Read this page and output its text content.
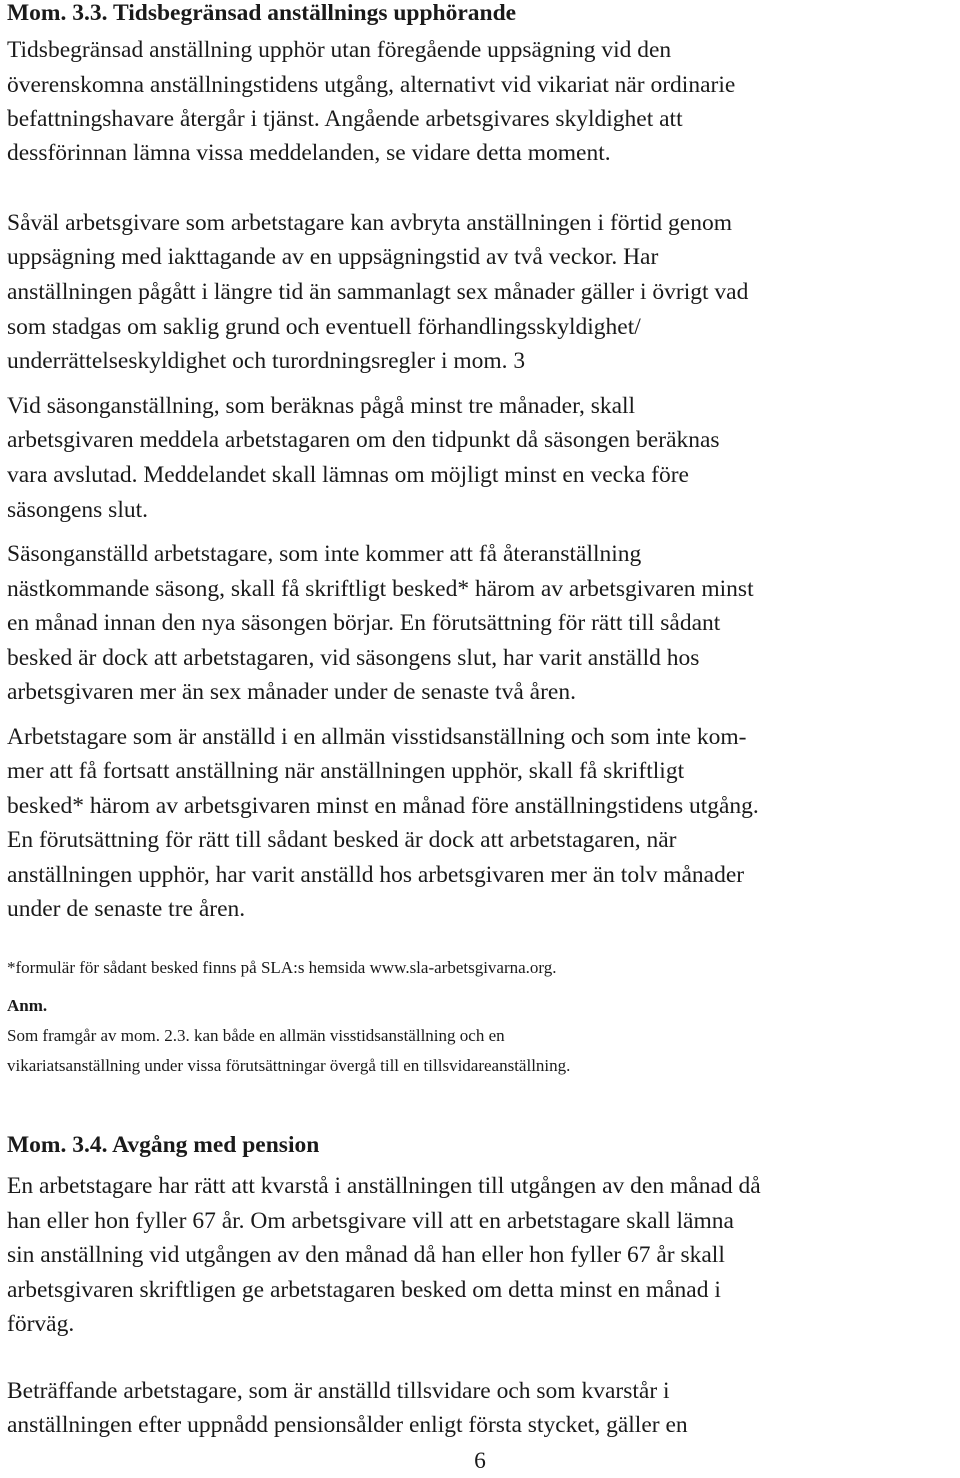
Mom. 3.3. Tidsbegränsad anställnings upphörande

Tidsbegränsad anställning upphör utan föregående uppsägning vid den

överenskomna anställningstidens utgång, alternativt vid vikariat när ordinarie

befattningshavare återgår i tjänst. Angående arbetsgivares skyldighet att

dessförinnan lämna vissa meddelanden, se vidare detta moment.

Såväl arbetsgivare som arbetstagare kan avbryta anställningen i förtid genom

uppsägning med iakttagande av en uppsägningstid av två veckor. Har

anställningen pågått i längre tid än sammanlagt sex månader gäller i övrigt vad

som stadgas om saklig grund och eventuell förhandlingsskyldighet/

underrättelseskyldighet och turordningsregler i mom. 3

Vid säsonganställning, som beräknas pågå minst tre månader, skall

arbetsgivaren meddela arbetstagaren om den tidpunkt då säsongen beräknas

vara avslutad. Meddelandet skall lämnas om möjligt minst en vecka före

säsongens slut.

Säsonganställd arbetstagare, som inte kommer att få återanställning

nästkommande säsong, skall få skriftligt besked* härom av arbetsgivaren minst

en månad innan den nya säsongen börjar. En förutsättning för rätt till sådant

besked är dock att arbetstagaren, vid säsongens slut, har varit anställd hos

arbetsgivaren mer än sex månader under de senaste två åren.

Arbetstagare som är anställd i en allmän visstidsanställning och som inte kom-

mer att få fortsatt anställning när anställningen upphör, skall få skriftligt

besked* härom av arbetsgivaren minst en månad före anställningstidens utgång.

En förutsättning för rätt till sådant besked är dock att arbetstagaren, när

anställningen upphör, har varit anställd hos arbetsgivaren mer än tolv månader

under de senaste tre åren.

*formulär för sådant besked finns på SLA:s hemsida www.sla-arbetsgivarna.org.

Anm.

Som framgår av mom. 2.3. kan både en allmän visstidsanställning och en

vikariatsanställning under vissa förutsättningar övergå till en tillsvidareanställning.

Mom. 3.4. Avgång med pension

En arbetstagare har rätt att kvarstå i anställningen till utgången av den månad då

han eller hon fyller 67 år. Om arbetsgivare vill att en arbetstagare skall lämna

sin anställning vid utgången av den månad då han eller hon fyller 67 år skall

arbetsgivaren skriftligen ge arbetstagaren besked om detta minst en månad i

förväg.

Beträffande arbetstagare, som är anställd tillsvidare och som kvarstår i

anställningen efter uppnådd pensionsålder enligt första stycket, gäller en

6
